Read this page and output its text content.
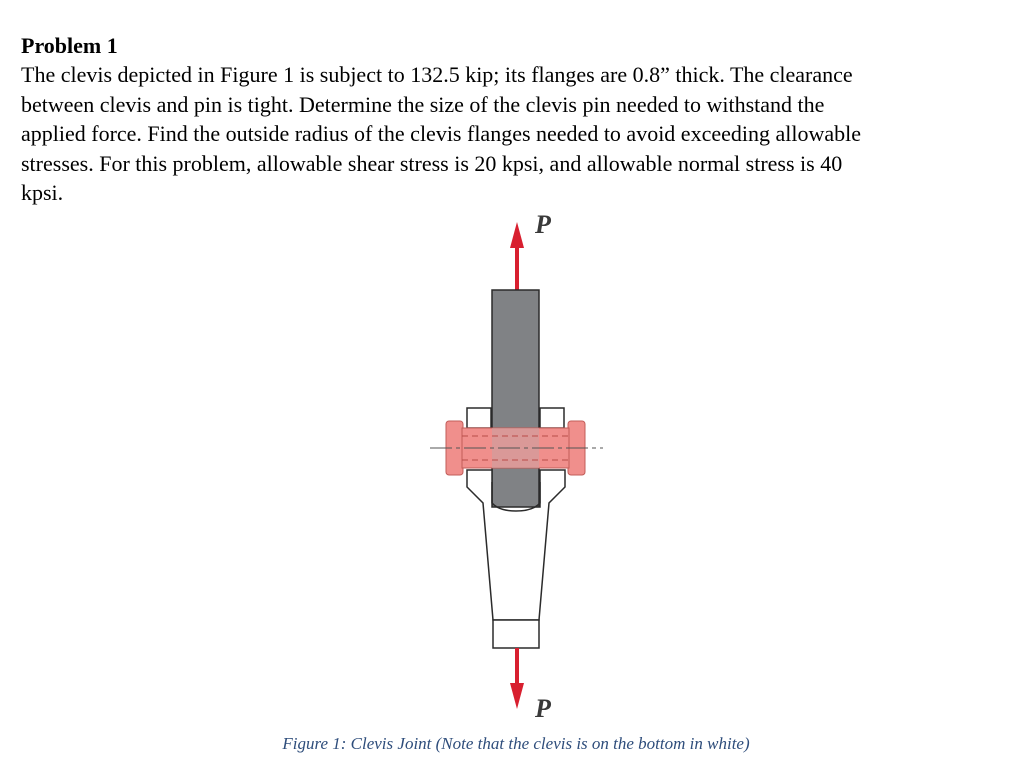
Problem 1
The clevis depicted in Figure 1 is subject to 132.5 kip; its flanges are 0.8” thick. The clearance
between clevis and pin is tight. Determine the size of the clevis pin needed to withstand the
applied force. Find the outside radius of the clevis flanges needed to avoid exceeding allowable
stresses. For this problem, allowable shear stress is 20 kpsi, and allowable normal stress is 40
kpsi.
P
P
Figure 1: Clevis Joint (Note that the clevis is on the bottom in white)
